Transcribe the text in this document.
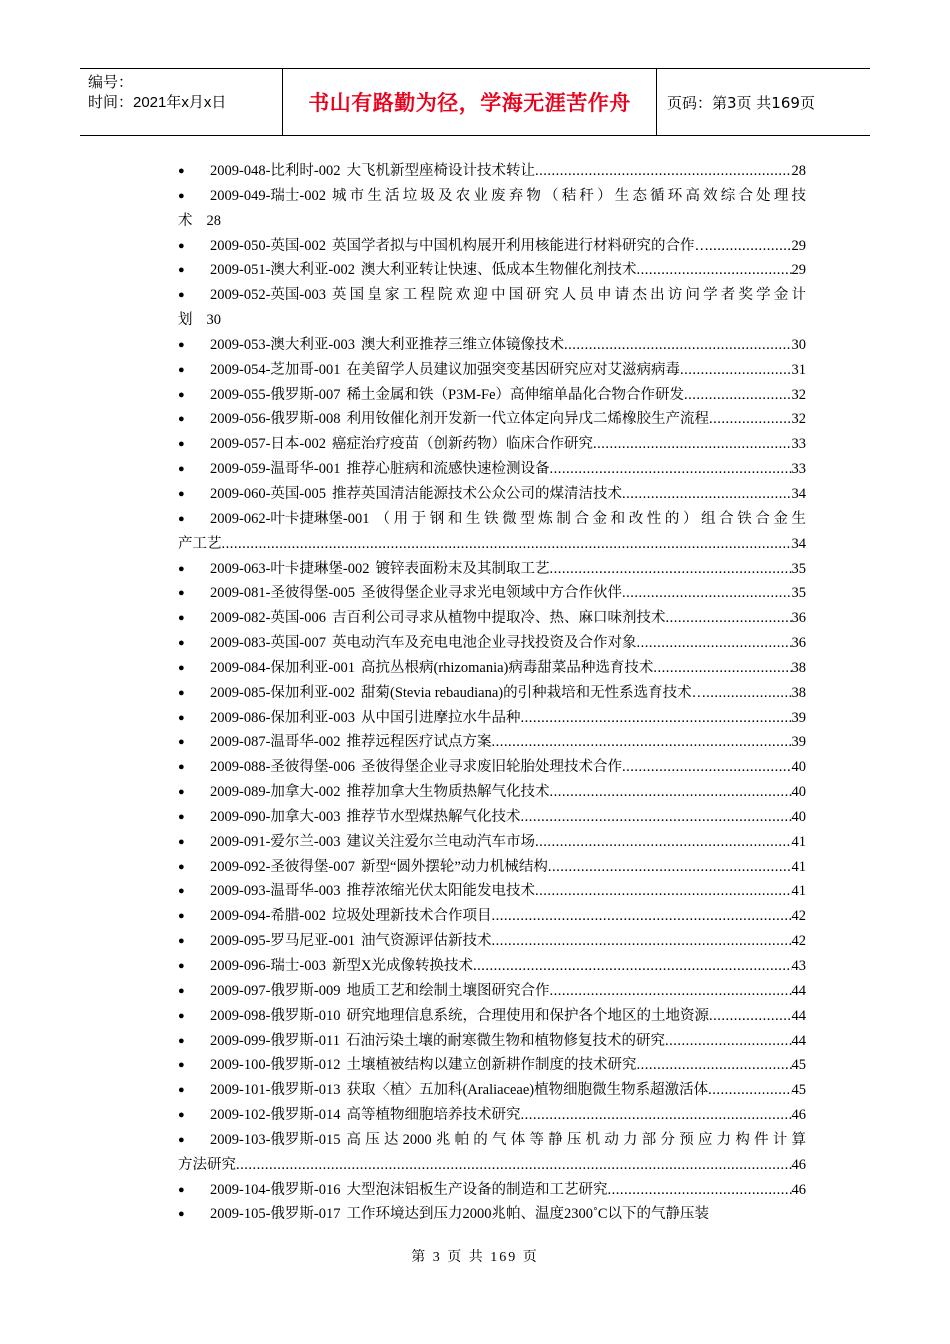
编号：
时间：2021年x月x日	书山有路勤为径，学海无涯苦作舟	页码：第3页 共169页
●	2009-048-比利时-002 大飞机新型座椅设计技术转让 .....	28
●	2009-049-瑞士-002 城市生活垃圾及农业废弃物（秸秆）生态循环高效综合处理技
术 28
●	2009-050-英国-002 英国学者拟与中国机构展开利用核能进行材料研究的合作… .....	29
●	2009-051-澳大利亚-002 澳大利亚转让快速、低成本生物催化剂技术 .....	29
●	2009-052-英国-003 英国皇家工程院欢迎中国研究人员申请杰出访问学者奖学金计
划 30
●	2009-053-澳大利亚-003 澳大利亚推荐三维立体镜像技术 .....	30
●	2009-054-芝加哥-001 在美留学人员建议加强突变基因研究应对艾滋病病毒 .....	31
●	2009-055-俄罗斯-007 稀土金属和铁（P3M-Fe）高伸缩单晶化合物合作研发 .....	32
●	2009-056-俄罗斯-008 利用钕催化剂开发新一代立体定向异戊二烯橡胶生产流程 .....	32
●	2009-057-日本-002 癌症治疗疫苗（创新药物）临床合作研究 .....	33
●	2009-059-温哥华-001 推荐心脏病和流感快速检测设备 .....	33
●	2009-060-英国-005 推荐英国清洁能源技术公众公司的煤清洁技术 .....	34
●	2009-062-叶卡捷琳堡-001 （用于钢和生铁微型炼制合金和改性的）组合铁合金生
产工艺 .....	34
●	2009-063-叶卡捷琳堡-002 镀锌表面粉末及其制取工艺 .....	35
●	2009-081-圣彼得堡-005 圣彼得堡企业寻求光电领域中方合作伙伴 .....	35
●	2009-082-英国-006 吉百利公司寻求从植物中提取冷、热、麻口味剂技术 .....	36
●	2009-083-英国-007 英电动汽车及充电电池企业寻找投资及合作对象 .....	36
●	2009-084-保加利亚-001 高抗丛根病(rhizomania)病毒甜菜品种选育技术 .....	38
●	2009-085-保加利亚-002 甜菊(Stevia rebaudiana)的引种栽培和无性系选育技术… .....	38
●	2009-086-保加利亚-003 从中国引进摩拉水牛品种 .....	39
●	2009-087-温哥华-002 推荐远程医疗试点方案 .....	39
●	2009-088-圣彼得堡-006 圣彼得堡企业寻求废旧轮胎处理技术合作 .....	40
●	2009-089-加拿大-002 推荐加拿大生物质热解气化技术 .....	40
●	2009-090-加拿大-003 推荐节水型煤热解气化技术 .....	40
●	2009-091-爱尔兰-003 建议关注爱尔兰电动汽车市场 .....	41
●	2009-092-圣彼得堡-007 新型“圆外摆轮”动力机械结构 .....	41
●	2009-093-温哥华-003 推荐浓缩光伏太阳能发电技术 .....	41
●	2009-094-希腊-002 垃圾处理新技术合作项目 .....	42
●	2009-095-罗马尼亚-001 油气资源评估新技术 .....	42
●	2009-096-瑞士-003 新型X光成像转换技术 .....	43
●	2009-097-俄罗斯-009 地质工艺和绘制土壤图研究合作 .....	44
●	2009-098-俄罗斯-010 研究地理信息系统，合理使用和保护各个地区的土地资源 .....	44
●	2009-099-俄罗斯-011 石油污染土壤的耐寒微生物和植物修复技术的研究 .....	44
●	2009-100-俄罗斯-012 土壤植被结构以建立创新耕作制度的技术研究 .....	45
●	2009-101-俄罗斯-013 获取〈植〉五加科(Araliaceae)植物细胞微生物系超激活体 .....	45
●	2009-102-俄罗斯-014 高等植物细胞培养技术研究 .....	46
●	2009-103-俄罗斯-015 高压达2000兆帕的气体等静压机动力部分预应力构件计算
方法研究 .....	46
●	2009-104-俄罗斯-016 大型泡沫铝板生产设备的制造和工艺研究 .....	46
●	2009-105-俄罗斯-017 工作环境达到压力2000兆帕、温度2300˚C以下的气静压装
第 3 页 共 169 页
